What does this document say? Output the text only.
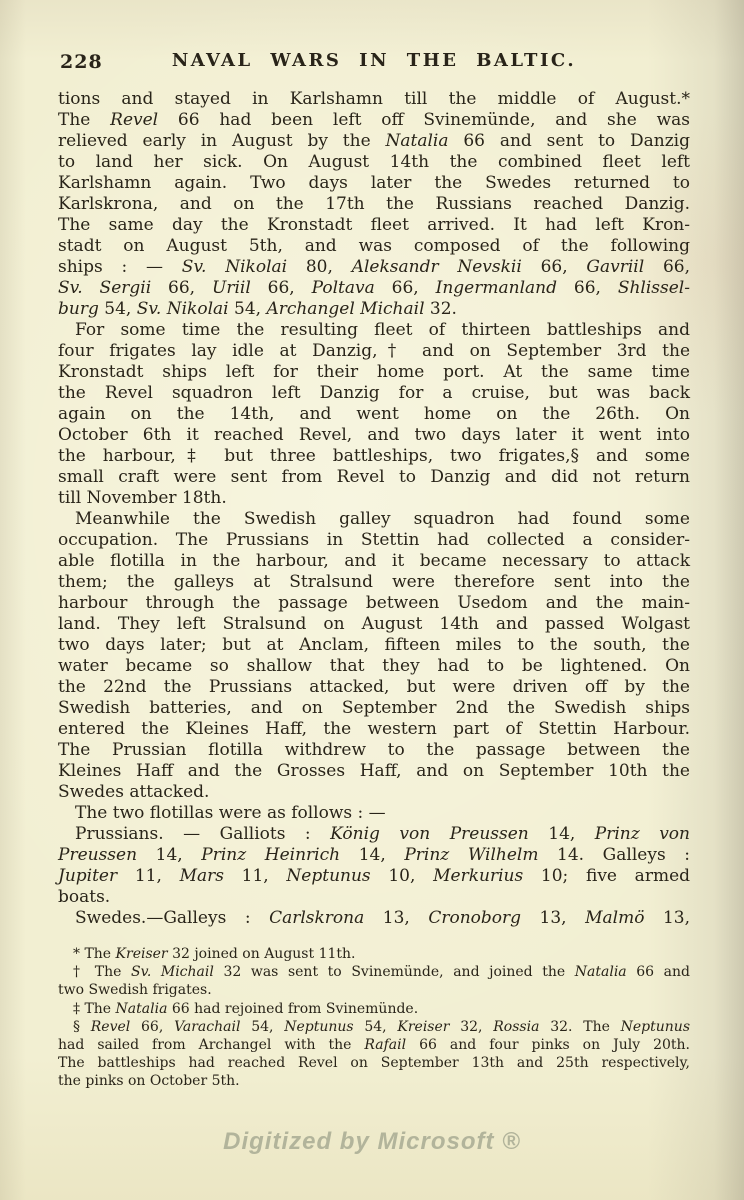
228	NAVAL WARS IN THE BALTIC.
tions and stayed in Karlshamn till the middle of August.*
The Revel 66 had been left off Svinemünde, and she was
relieved early in August by the Natalia 66 and sent to Danzig
to land her sick. On August 14th the combined fleet left
Karlshamn again. Two days later the Swedes returned to
Karlskrona, and on the 17th the Russians reached Danzig.
The same day the Kronstadt fleet arrived. It had left Kron-
stadt on August 5th, and was composed of the following
ships : — Sv. Nikolai 80, Aleksandr Nevskii 66, Gavriil 66,
Sv. Sergii 66, Uriil 66, Poltava 66, Ingermanland 66, Shlissel-
burg 54, Sv. Nikolai 54, Archangel Michail 32.
For some time the resulting fleet of thirteen battleships and
four frigates lay idle at Danzig,† and on September 3rd the
Kronstadt ships left for their home port. At the same time
the Revel squadron left Danzig for a cruise, but was back
again on the 14th, and went home on the 26th. On
October 6th it reached Revel, and two days later it went into
the harbour,‡ but three battleships, two frigates,§ and some
small craft were sent from Revel to Danzig and did not return
till November 18th.
Meanwhile the Swedish galley squadron had found some
occupation. The Prussians in Stettin had collected a consider-
able flotilla in the harbour, and it became necessary to attack
them; the galleys at Stralsund were therefore sent into the
harbour through the passage between Usedom and the main-
land. They left Stralsund on August 14th and passed Wolgast
two days later; but at Anclam, fifteen miles to the south, the
water became so shallow that they had to be lightened. On
the 22nd the Prussians attacked, but were driven off by the
Swedish batteries, and on September 2nd the Swedish ships
entered the Kleines Haff, the western part of Stettin Harbour.
The Prussian flotilla withdrew to the passage between the
Kleines Haff and the Grosses Haff, and on September 10th the
Swedes attacked.
The two flotillas were as follows : —
Prussians. — Galliots : König von Preussen 14, Prinz von
Preussen 14, Prinz Heinrich 14, Prinz Wilhelm 14. Galleys :
Jupiter 11, Mars 11, Neptunus 10, Merkurius 10; five armed
boats.
Swedes.—Galleys : Carlskrona 13, Cronoborg 13, Malmö 13,
* The Kreiser 32 joined on August 11th.
† The Sv. Michail 32 was sent to Svinemünde, and joined the Natalia 66 and
two Swedish frigates.
‡ The Natalia 66 had rejoined from Svinemünde.
§ Revel 66, Varachail 54, Neptunus 54, Kreiser 32, Rossia 32. The Neptunus
had sailed from Archangel with the Rafail 66 and four pinks on July 20th.
The battleships had reached Revel on September 13th and 25th respectively,
the pinks on October 5th.
Digitized by Microsoft ®
